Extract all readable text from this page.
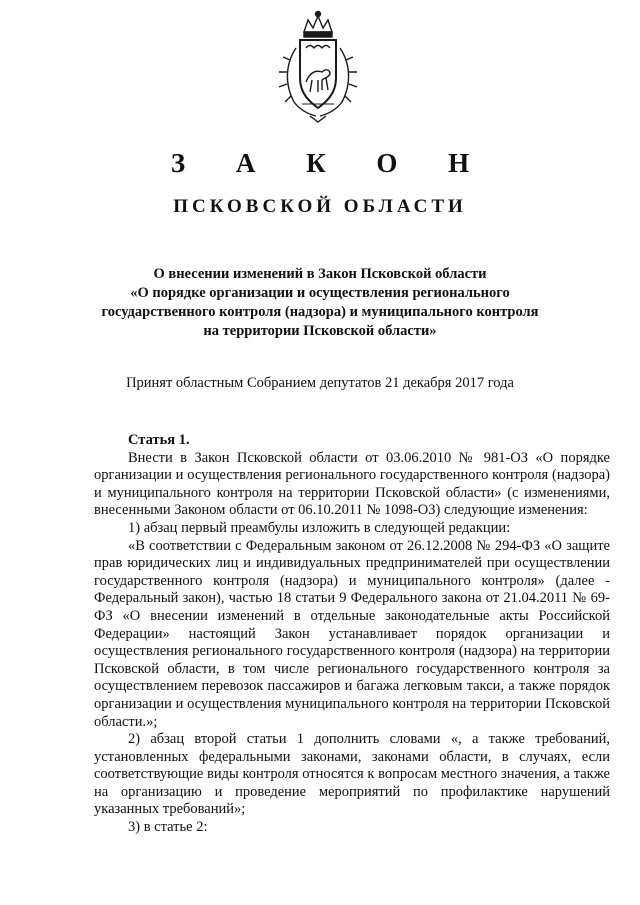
З А К О Н
ПСКОВСКОЙ ОБЛАСТИ
О внесении изменений в Закон Псковской области
«О порядке организации и осуществления регионального
государственного контроля (надзора) и муниципального контроля
на территории Псковской области»
Принят областным Собранием депутатов 21 декабря 2017 года

Статья 1.

Внести в Закон Псковской области от 03.06.2010 № 981-ОЗ «О порядке организации и осуществления регионального государственного контроля (надзора) и муниципального контроля на территории Псковской области» (с изменениями, внесенными Законом области от 06.10.2011 № 1098-ОЗ) следующие изменения:

1) абзац первый преамбулы изложить в следующей редакции:

«В соответствии с Федеральным законом от 26.12.2008 № 294-ФЗ «О защите прав юридических лиц и индивидуальных предпринимателей при осуществлении государственного контроля (надзора) и муниципального контроля» (далее - Федеральный закон), частью 18 статьи 9 Федерального закона от 21.04.2011 № 69-ФЗ «О внесении изменений в отдельные законодательные акты Российской Федерации» настоящий Закон устанавливает порядок организации и осуществления регионального государственного контроля (надзора) на территории Псковской области, в том числе регионального государственного контроля за осуществлением перевозок пассажиров и багажа легковым такси, а также порядок организации и осуществления муниципального контроля на территории Псковской области.»;

2) абзац второй статьи 1 дополнить словами «, а также требований, установленных федеральными законами, законами области, в случаях, если соответствующие виды контроля относятся к вопросам местного значения, а также на организацию и проведение мероприятий по профилактике нарушений указанных требований»;

3) в статье 2:
